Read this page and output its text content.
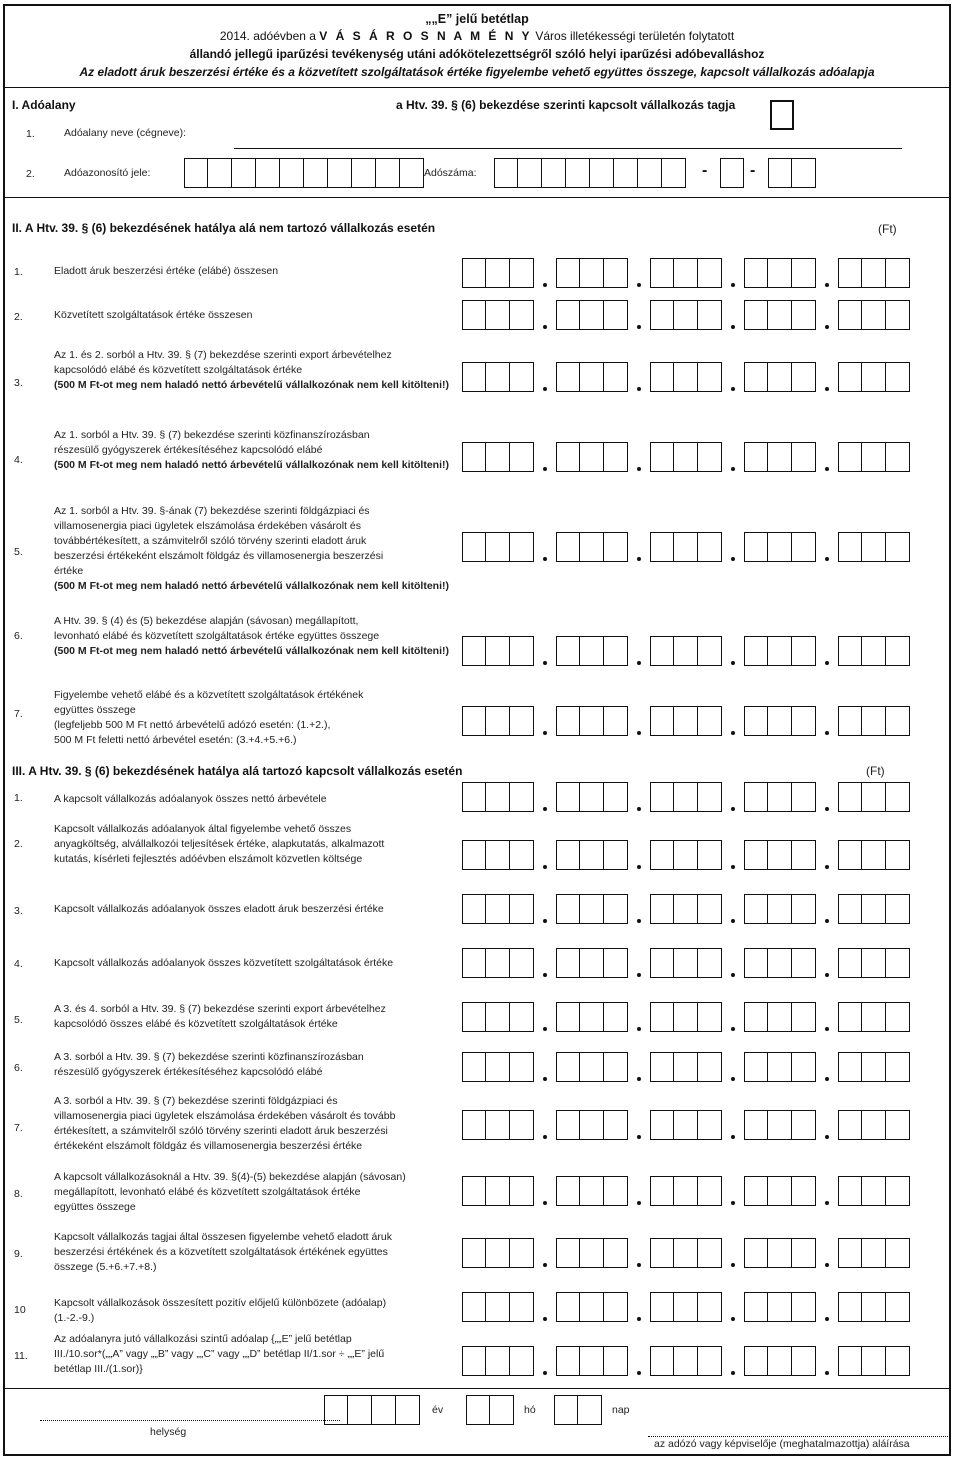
„„E” jelű betétlap
2014. adóévben a V Á S Á R O S N A M É N Y Város illetékességi területén folytatott
állandó jellegű iparűzési tevékenység utáni adókötelezettségről szóló helyi iparűzési adóbevalláshoz
Az eladott áruk beszerzési értéke és a közvetített szolgáltatások értéke figyelembe vehető együttes összege, kapcsolt vállalkozás adóalapja
I. Adóalany	a Htv. 39. § (6) bekezdése szerinti kapcsolt vállalkozás tagja
1.	Adóalany neve (cégneve):
2.	Adóazonosító jele:	Adószáma:	-	-
II. A Htv. 39. § (6) bekezdésének hatálya alá nem tartozó vállalkozás esetén	(Ft)
1.	Eladott áruk beszerzési értéke (elábé) összesen
2.	Közvetített szolgáltatások értéke összesen
3.
Az 1. és 2. sorból a Htv. 39. § (7) bekezdése szerinti export árbevételhez
kapcsolódó elábé és közvetített szolgáltatások értéke
(500 M Ft-ot meg nem haladó nettó árbevételű vállalkozónak nem kell kitölteni!)
4.
Az 1. sorból a Htv. 39. § (7) bekezdése szerinti közfinanszírozásban
részesülő gyógyszerek értékesítéséhez kapcsolódó elábé
(500 M Ft-ot meg nem haladó nettó árbevételű vállalkozónak nem kell kitölteni!)
5.
Az 1. sorból a Htv. 39. §-ának (7) bekezdése szerinti földgázpiaci és
villamosenergia piaci ügyletek elszámolása érdekében vásárolt és
továbbértékesített, a számvitelről szóló törvény szerinti eladott áruk
beszerzési értékeként elszámolt földgáz és villamosenergia beszerzési
értéke
(500 M Ft-ot meg nem haladó nettó árbevételű vállalkozónak nem kell kitölteni!)
6.
A Htv. 39. § (4) és (5) bekezdése alapján (sávosan) megállapított,
levonható elábé és közvetített szolgáltatások értéke együttes összege
(500 M Ft-ot meg nem haladó nettó árbevételű vállalkozónak nem kell kitölteni!)
7.
Figyelembe vehető elábé és a közvetített szolgáltatások értékének
együttes összege
(legfeljebb 500 M Ft nettó árbevételű adózó esetén: (1.+2.),
500 M Ft feletti nettó árbevétel esetén: (3.+4.+5.+6.)
III. A Htv. 39. § (6) bekezdésének hatálya alá tartozó kapcsolt vállalkozás esetén	(Ft)
1.	A kapcsolt vállalkozás adóalanyok összes nettó árbevétele
2.
Kapcsolt vállalkozás adóalanyok által figyelembe vehető összes
anyagköltség, alvállalkozói teljesítések értéke, alapkutatás, alkalmazott
kutatás, kísérleti fejlesztés adóévben elszámolt közvetlen költsége
3.	Kapcsolt vállalkozás adóalanyok összes eladott áruk beszerzési értéke
4.	Kapcsolt vállalkozás adóalanyok összes közvetített szolgáltatások értéke
5.
A 3. és 4. sorból a Htv. 39. § (7) bekezdése szerinti export árbevételhez
kapcsolódó összes elábé és közvetített szolgáltatások értéke
6.
A 3. sorból a Htv. 39. § (7) bekezdése szerinti közfinanszírozásban
részesülő gyógyszerek értékesítéséhez kapcsolódó elábé
7.
A 3. sorból a Htv. 39. § (7) bekezdése szerinti földgázpiaci és
villamosenergia piaci ügyletek elszámolása érdekében vásárolt és tovább
értékesített, a számvitelről szóló törvény szerinti eladott áruk beszerzési
értékeként elszámolt földgáz és villamosenergia beszerzési értéke
8.
A kapcsolt vállalkozásoknál a Htv. 39. §(4)-(5) bekezdése alapján (sávosan)
megállapított, levonható elábé és közvetített szolgáltatások értéke
együttes összege
9.
Kapcsolt vállalkozás tagjai által összesen figyelembe vehető eladott áruk
beszerzési értékének és a közvetített szolgáltatások értékének együttes
összege (5.+6.+7.+8.)
10
Kapcsolt vállalkozások összesített pozitív előjelű különbözete (adóalap)
(1.-2.-9.)
11.
Az adóalanyra jutó vállalkozási szintű adóalap {„„E” jelű betétlap
III./10.sor*(„„A” vagy „„B” vagy „„C” vagy „„D” betétlap II/1.sor ÷ „„E” jelű
betétlap III./(1.sor)}
év	hó	nap
helység
az adózó vagy képviselője (meghatalmazottja) aláírása
